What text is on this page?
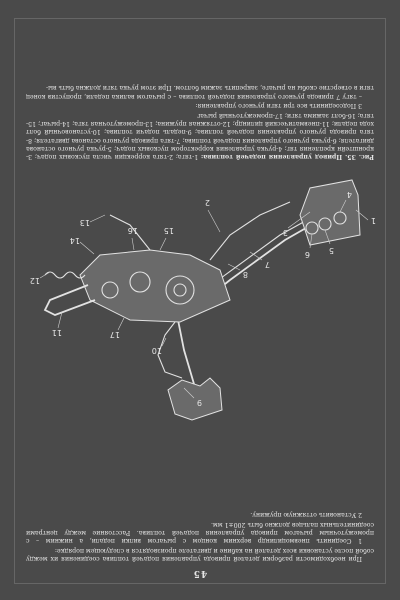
45

При необходимости разборки деталей привода управления подачей топлива соединения их между собой после установки всех деталей на кабине и двигателе производятся в следующем порядке:

1 Соединить пневмоцилиндр верхним концом с рычагом вилки педали, а нижним – с промежуточным рычагом привода управления подачей топлива. Расстояние между центрами соединительных пальцев должно быть 200±1 мм.

2 Установить оттяжную пружину.

1
2
3
4
5
6
7
8
9
10
11
12
13
14
15
16
17

Рис. 35. Привод управления подачей топлива: 1-тяга; 2-тяга коррекции числа пусковых подач; 3-кронштейн крепления тяг; 4-ручка управления корректором пусковых подач; 5-ручка ручного останова двигателя; 6-ручка ручного управления подачей топлива; 7-тяга привода ручного останова двигателя; 8-тяга привода ручного управления подачей топлива; 9-педаль подачи топлива; 10-установочный болт хода педали; 11-пневматический цилиндр; 12-оттяжная пружина; 13-промежуточная тяга; 14-рычаг; 15-тяга; 16-болт зажима тяги; 17-промежуточный рычаг

3 Подсоединить все три тяги ручного управления:

– тягу 7 привода ручного управления подачей топлива – с рычагом валика педали, пропустив конец тяги в отверстие скобы на рычаге, закрепить зажим болтом. При этом ручка тяги должна быть вы-
